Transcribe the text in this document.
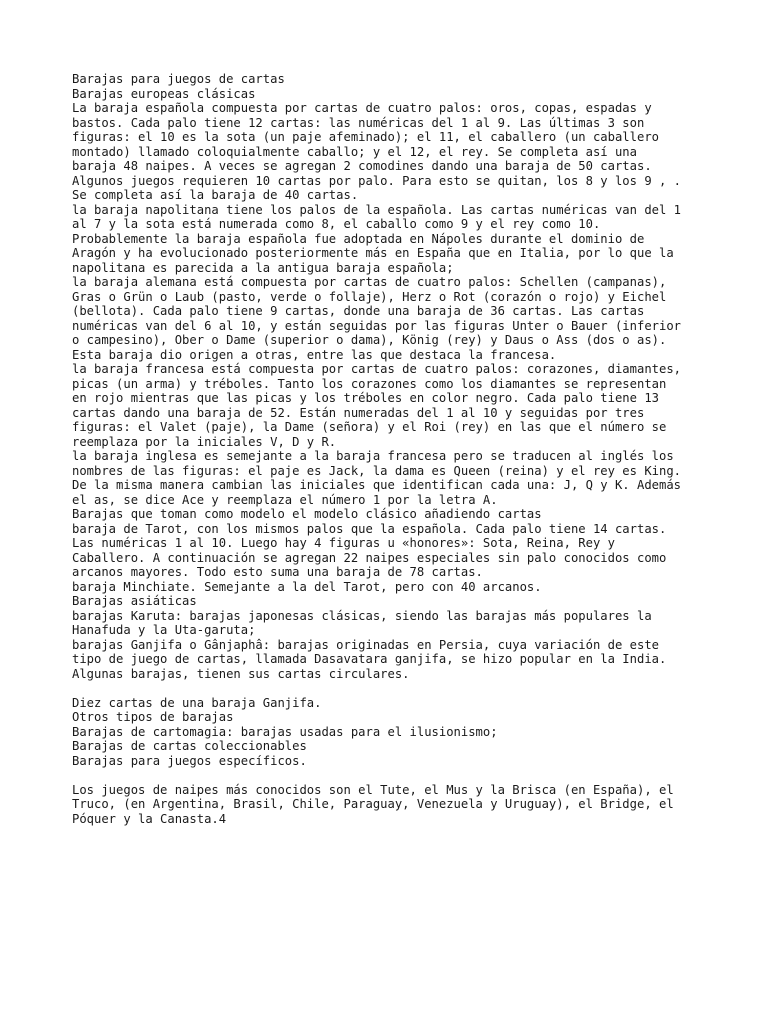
Barajas para juegos de cartas
Barajas europeas clásicas
La baraja española compuesta por cartas de cuatro palos: oros, copas, espadas y
bastos. Cada palo tiene 12 cartas: las numéricas del 1 al 9. Las últimas 3 son
figuras: el 10 es la sota (un paje afeminado); el 11, el caballero (un caballero
montado) llamado coloquialmente caballo; y el 12, el rey. Se completa así una
baraja 48 naipes. A veces se agregan 2 comodines dando una baraja de 50 cartas.
Algunos juegos requieren 10 cartas por palo. Para esto se quitan, los 8 y los 9 , .
Se completa así la baraja de 40 cartas.
la baraja napolitana tiene los palos de la española. Las cartas numéricas van del 1
al 7 y la sota está numerada como 8, el caballo como 9 y el rey como 10.
Probablemente la baraja española fue adoptada en Nápoles durante el dominio de
Aragón y ha evolucionado posteriormente más en España que en Italia, por lo que la
napolitana es parecida a la antigua baraja española;
la baraja alemana está compuesta por cartas de cuatro palos: Schellen (campanas),
Gras o Grün o Laub (pasto, verde o follaje), Herz o Rot (corazón o rojo) y Eichel
(bellota). Cada palo tiene 9 cartas, donde una baraja de 36 cartas. Las cartas
numéricas van del 6 al 10, y están seguidas por las figuras Unter o Bauer (inferior
o campesino), Ober o Dame (superior o dama), König (rey) y Daus o Ass (dos o as).
Esta baraja dio origen a otras, entre las que destaca la francesa.
la baraja francesa está compuesta por cartas de cuatro palos: corazones, diamantes,
picas (un arma) y tréboles. Tanto los corazones como los diamantes se representan
en rojo mientras que las picas y los tréboles en color negro. Cada palo tiene 13
cartas dando una baraja de 52. Están numeradas del 1 al 10 y seguidas por tres
figuras: el Valet (paje), la Dame (señora) y el Roi (rey) en las que el número se
reemplaza por la iniciales V, D y R.
la baraja inglesa es semejante a la baraja francesa pero se traducen al inglés los
nombres de las figuras: el paje es Jack, la dama es Queen (reina) y el rey es King.
De la misma manera cambian las iniciales que identifican cada una: J, Q y K. Además
el as, se dice Ace y reemplaza el número 1 por la letra A.
Barajas que toman como modelo el modelo clásico añadiendo cartas
baraja de Tarot, con los mismos palos que la española. Cada palo tiene 14 cartas.
Las numéricas 1 al 10. Luego hay 4 figuras u «honores»: Sota, Reina, Rey y
Caballero. A continuación se agregan 22 naipes especiales sin palo conocidos como
arcanos mayores. Todo esto suma una baraja de 78 cartas.
baraja Minchiate. Semejante a la del Tarot, pero con 40 arcanos.
Barajas asiáticas
barajas Karuta: barajas japonesas clásicas, siendo las barajas más populares la
Hanafuda y la Uta-garuta;
barajas Ganjifa o Gânjaphâ: barajas originadas en Persia, cuya variación de este
tipo de juego de cartas, llamada Dasavatara ganjifa, se hizo popular en la India.
Algunas barajas, tienen sus cartas circulares.
Diez cartas de una baraja Ganjifa.
Otros tipos de barajas
Barajas de cartomagia: barajas usadas para el ilusionismo;
Barajas de cartas coleccionables
Barajas para juegos específicos.
Los juegos de naipes más conocidos son el Tute, el Mus y la Brisca (en España), el
Truco, (en Argentina, Brasil, Chile, Paraguay, Venezuela y Uruguay), el Bridge, el
Póquer y la Canasta.4
